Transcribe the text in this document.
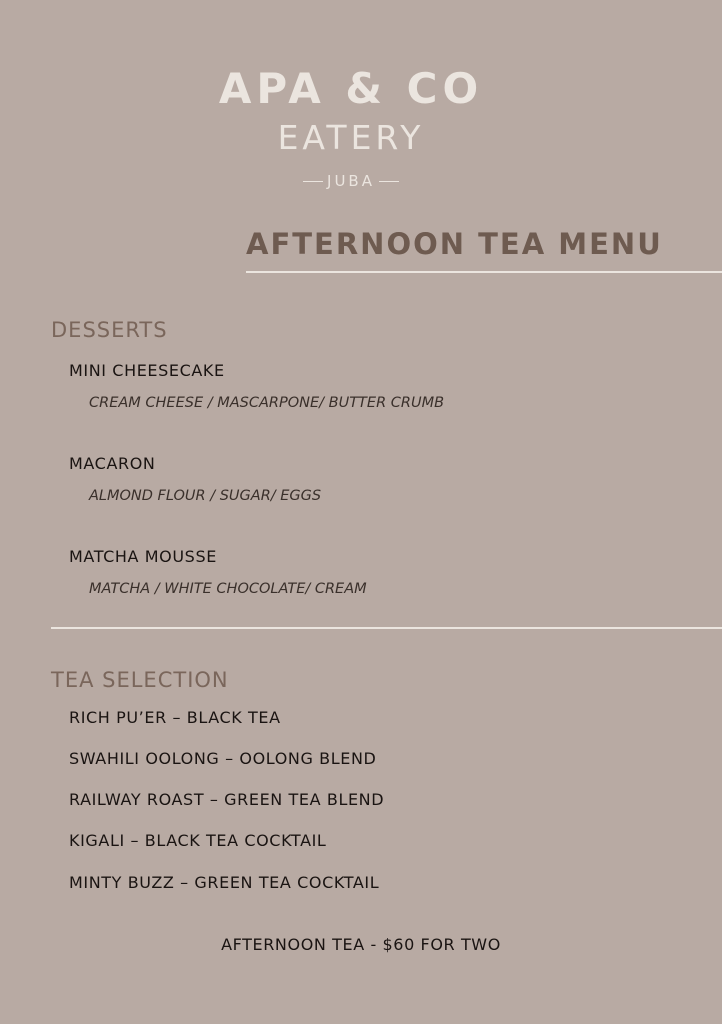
APA & CO
EATERY
JUBA
AFTERNOON TEA MENU
DESSERTS
MINI CHEESECAKE
CREAM CHEESE / MASCARPONE/ BUTTER CRUMB
MACARON
ALMOND FLOUR / SUGAR/ EGGS
MATCHA MOUSSE
MATCHA / WHITE CHOCOLATE/ CREAM
TEA SELECTION
RICH PU’ER – BLACK TEA
SWAHILI OOLONG – OOLONG BLEND
RAILWAY ROAST – GREEN TEA BLEND
KIGALI – BLACK TEA COCKTAIL
MINTY BUZZ – GREEN TEA COCKTAIL
AFTERNOON TEA - $60 FOR TWO
